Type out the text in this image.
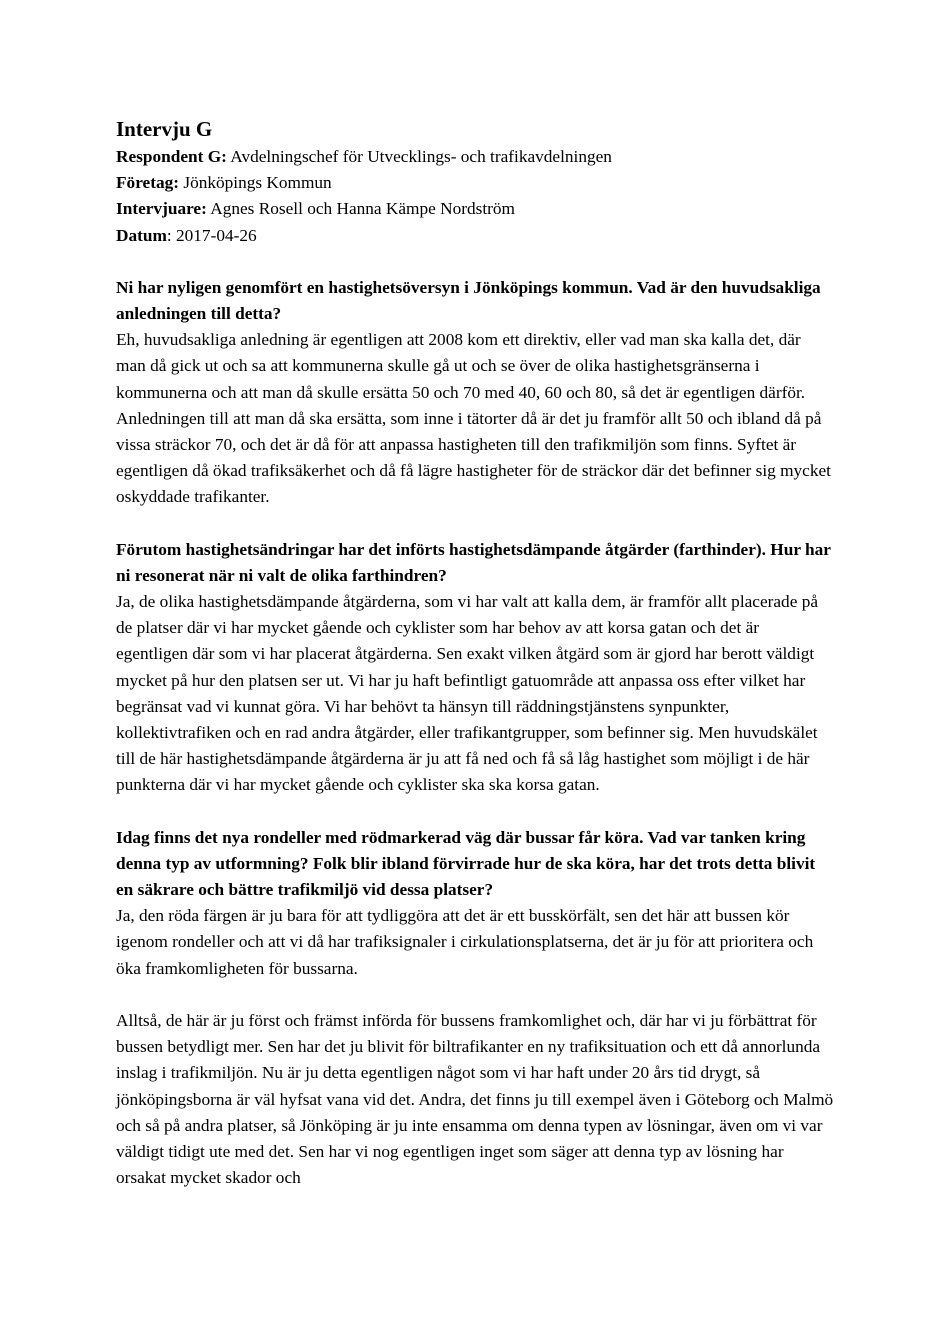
Intervju G
Respondent G: Avdelningschef för Utvecklings- och trafikavdelningen
Företag: Jönköpings Kommun
Intervjuare: Agnes Rosell och Hanna Kämpe Nordström
Datum: 2017-04-26

Ni har nyligen genomfört en hastighetsöversyn i Jönköpings kommun. Vad är den huvudsakliga anledningen till detta?

Eh, huvudsakliga anledning är egentligen att 2008 kom ett direktiv, eller vad man ska kalla det, där man då gick ut och sa att kommunerna skulle gå ut och se över de olika hastighetsgränserna i kommunerna och att man då skulle ersätta 50 och 70 med 40, 60 och 80, så det är egentligen därför. Anledningen till att man då ska ersätta, som inne i tätorter då är det ju framför allt 50 och ibland då på vissa sträckor 70, och det är då för att anpassa hastigheten till den trafikmiljön som finns. Syftet är egentligen då ökad trafiksäkerhet och då få lägre hastigheter för de sträckor där det befinner sig mycket oskyddade trafikanter.

Förutom hastighetsändringar har det införts hastighetsdämpande åtgärder (farthinder). Hur har ni resonerat när ni valt de olika farthindren?

Ja, de olika hastighetsdämpande åtgärderna, som vi har valt att kalla dem, är framför allt placerade på de platser där vi har mycket gående och cyklister som har behov av att korsa gatan och det är egentligen där som vi har placerat åtgärderna. Sen exakt vilken åtgärd som är gjord har berott väldigt mycket på hur den platsen ser ut. Vi har ju haft befintligt gatuområde att anpassa oss efter vilket har begränsat vad vi kunnat göra. Vi har behövt ta hänsyn till räddningstjänstens synpunkter, kollektivtrafiken och en rad andra åtgärder, eller trafikantgrupper, som befinner sig. Men huvudskälet till de här hastighetsdämpande åtgärderna är ju att få ned och få så låg hastighet som möjligt i de här punkterna där vi har mycket gående och cyklister ska ska korsa gatan.

Idag finns det nya rondeller med rödmarkerad väg där bussar får köra. Vad var tanken kring denna typ av utformning? Folk blir ibland förvirrade hur de ska köra, har det trots detta blivit en säkrare och bättre trafikmiljö vid dessa platser?

Ja, den röda färgen är ju bara för att tydliggöra att det är ett busskörfält, sen det här att bussen kör igenom rondeller och att vi då har trafiksignaler i cirkulationsplatserna, det är ju för att prioritera och öka framkomligheten för bussarna.

Alltså, de här är ju först och främst införda för bussens framkomlighet och, där har vi ju förbättrat för bussen betydligt mer. Sen har det ju blivit för biltrafikanter en ny trafiksituation och ett då annorlunda inslag i trafikmiljön. Nu är ju detta egentligen något som vi har haft under 20 års tid drygt, så jönköpingsborna är väl hyfsat vana vid det. Andra, det finns ju till exempel även i Göteborg och Malmö och så på andra platser, så Jönköping är ju inte ensamma om denna typen av lösningar, även om vi var väldigt tidigt ute med det. Sen har vi nog egentligen inget som säger att denna typ av lösning har orsakat mycket skador och
